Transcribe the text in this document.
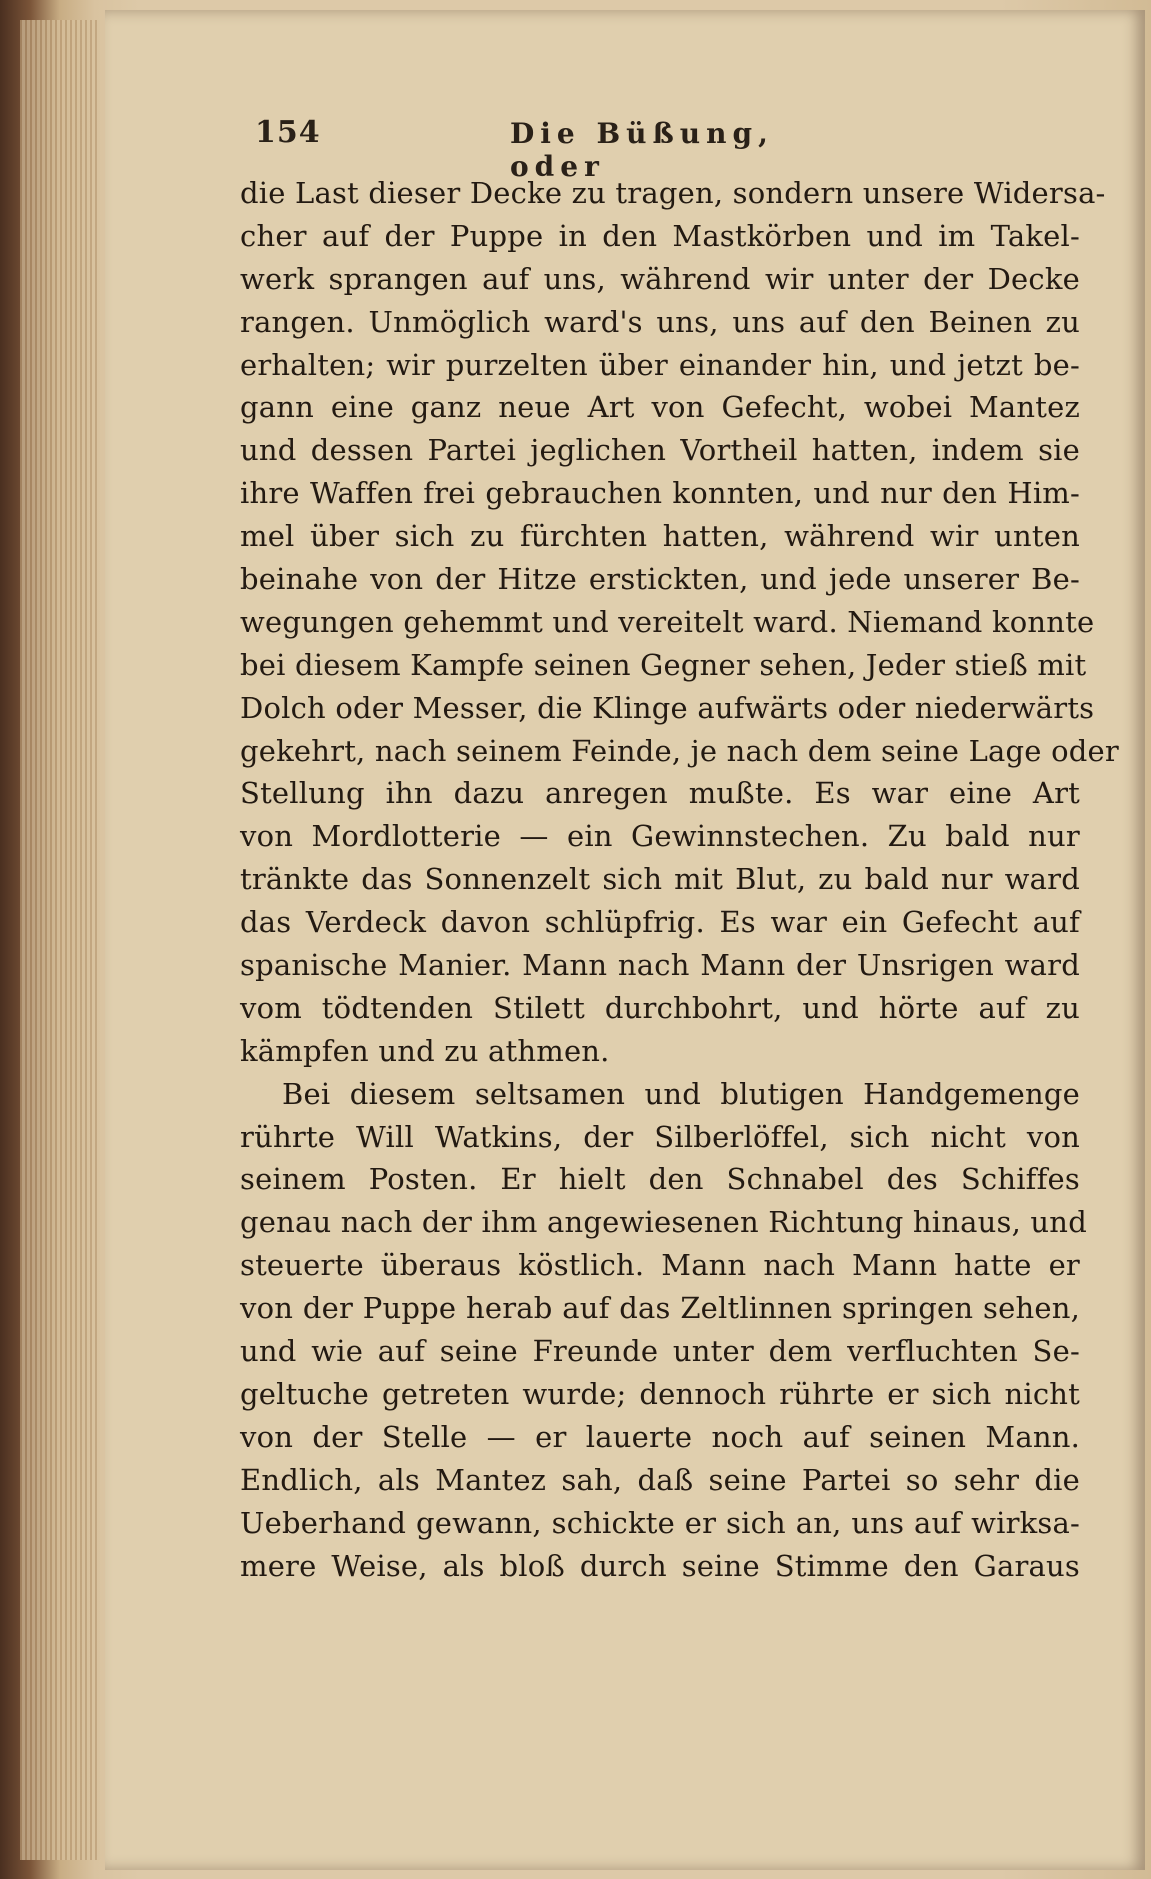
154	Die Büßung, oder
die Last dieser Decke zu tragen, sondern unsere Widersa-
cher auf der Puppe in den Mastkörben und im Takel-
werk sprangen auf uns, während wir unter der Decke
rangen. Unmöglich ward's uns, uns auf den Beinen zu
erhalten; wir purzelten über einander hin, und jetzt be-
gann eine ganz neue Art von Gefecht, wobei Mantez
und dessen Partei jeglichen Vortheil hatten, indem sie
ihre Waffen frei gebrauchen konnten, und nur den Him-
mel über sich zu fürchten hatten, während wir unten
beinahe von der Hitze erstickten, und jede unserer Be-
wegungen gehemmt und vereitelt ward. Niemand konnte
bei diesem Kampfe seinen Gegner sehen, Jeder stieß mit
Dolch oder Messer, die Klinge aufwärts oder niederwärts
gekehrt, nach seinem Feinde, je nach dem seine Lage oder
Stellung ihn dazu anregen mußte. Es war eine Art
von Mordlotterie — ein Gewinnstechen. Zu bald nur
tränkte das Sonnenzelt sich mit Blut, zu bald nur ward
das Verdeck davon schlüpfrig. Es war ein Gefecht auf
spanische Manier. Mann nach Mann der Unsrigen ward
vom tödtenden Stilett durchbohrt, und hörte auf zu
kämpfen und zu athmen.
Bei diesem seltsamen und blutigen Handgemenge
rührte Will Watkins, der Silberlöffel, sich nicht von
seinem Posten. Er hielt den Schnabel des Schiffes
genau nach der ihm angewiesenen Richtung hinaus, und
steuerte überaus köstlich. Mann nach Mann hatte er
von der Puppe herab auf das Zeltlinnen springen sehen,
und wie auf seine Freunde unter dem verfluchten Se-
geltuche getreten wurde; dennoch rührte er sich nicht
von der Stelle — er lauerte noch auf seinen Mann.
Endlich, als Mantez sah, daß seine Partei so sehr die
Ueberhand gewann, schickte er sich an, uns auf wirksa-
mere Weise, als bloß durch seine Stimme den Garaus
